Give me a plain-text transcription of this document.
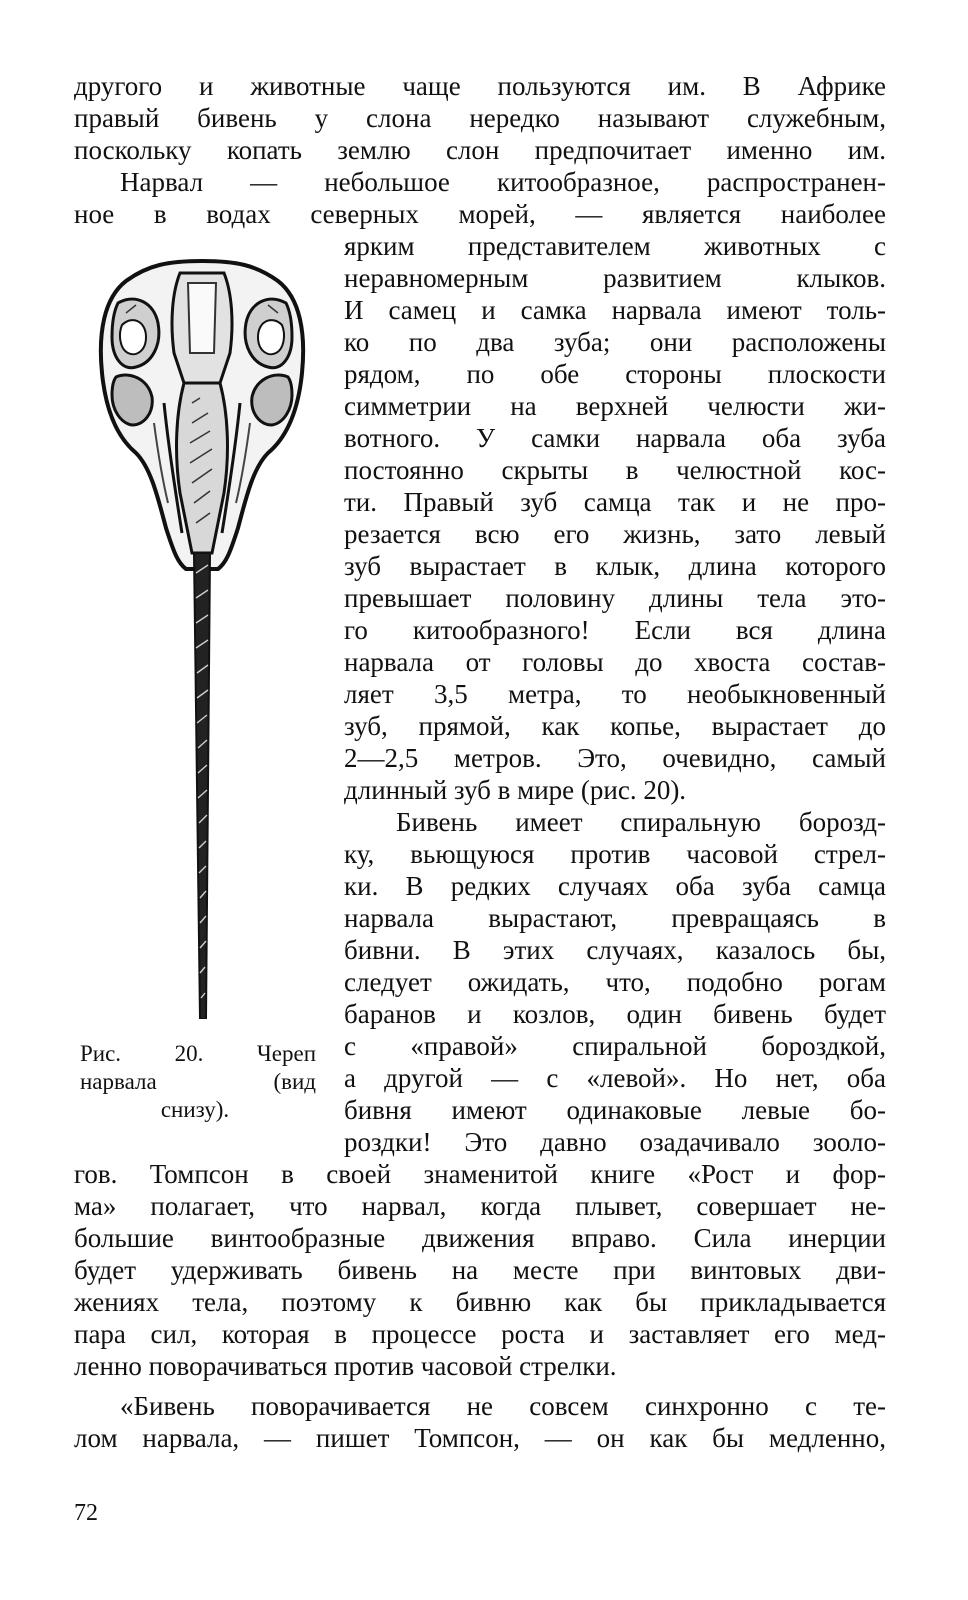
другого и животные чаще пользуются им. В Африке
правый бивень у слона нередко называют служебным,
поскольку копать землю слон предпочитает именно им.
Нарвал — небольшое китообразное, распространен-
ное в водах северных морей, — является наиболее
ярким представителем животных с
неравномерным развитием клыков.
И самец и самка нарвала имеют толь-
ко по два зуба; они расположены
рядом, по обе стороны плоскости
симметрии на верхней челюсти жи-
вотного. У самки нарвала оба зуба
постоянно скрыты в челюстной кос-
ти. Правый зуб самца так и не про-
резается всю его жизнь, зато левый
зуб вырастает в клык, длина которого
превышает половину длины тела это-
го китообразного! Если вся длина
нарвала от головы до хвоста состав-
ляет 3,5 метра, то необыкновенный
зуб, прямой, как копье, вырастает до
2—2,5 метров. Это, очевидно, самый
длинный зуб в мире (рис. 20).
Бивень имеет спиральную борозд-
ку, вьющуюся против часовой стрел-
ки. В редких случаях оба зуба самца
нарвала вырастают, превращаясь в
бивни. В этих случаях, казалось бы,
следует ожидать, что, подобно рогам
баранов и козлов, один бивень будет
с «правой» спиральной бороздкой,
а другой — с «левой». Но нет, оба
бивня имеют одинаковые левые бо-
роздки! Это давно озадачивало зооло-
гов. Томпсон в своей знаменитой книге «Рост и фор-
ма» полагает, что нарвал, когда плывет, совершает не-
большие винтообразные движения вправо. Сила инерции
будет удерживать бивень на месте при винтовых дви-
жениях тела, поэтому к бивню как бы прикладывается
пара сил, которая в процессе роста и заставляет его мед-
ленно поворачиваться против часовой стрелки.
«Бивень поворачивается не совсем синхронно с те-
лом нарвала, — пишет Томпсон, — он как бы медленно,
Рис. 20. Череп
нарвала (вид
снизу).
72
